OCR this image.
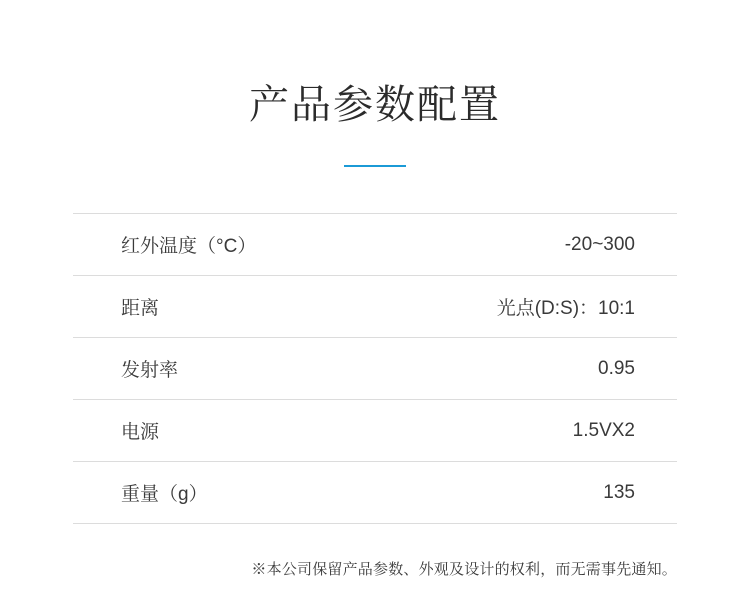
产品参数配置
红外温度（°C）	-20~300
距离	光点(D:S)：10:1
发射率	0.95
电源	1.5VX2
重量（g）	135
※本公司保留产品参数、外观及设计的权利，而无需事先通知。
